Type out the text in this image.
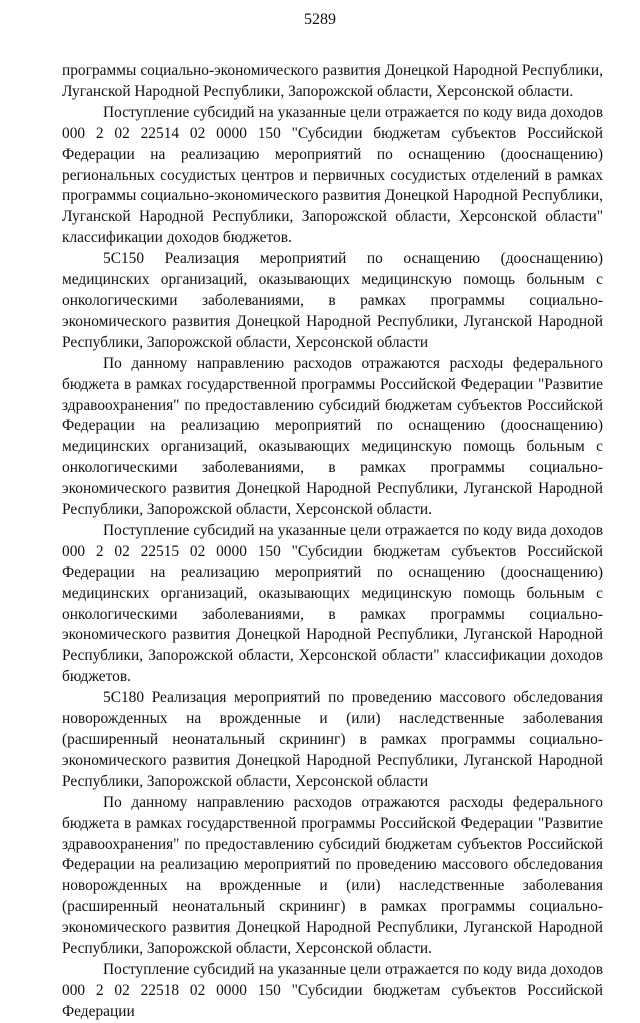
5289

программы социально-экономического развития Донецкой Народной Республики, Луганской Народной Республики, Запорожской области, Херсонской области.

Поступление субсидий на указанные цели отражается по коду вида доходов 000 2 02 22514 02 0000 150 "Субсидии бюджетам субъектов Российской Федерации на реализацию мероприятий по оснащению (дооснащению) региональных сосудистых центров и первичных сосудистых отделений в рамках программы социально-экономического развития Донецкой Народной Республики, Луганской Народной Республики, Запорожской области, Херсонской области" классификации доходов бюджетов.

5С150 Реализация мероприятий по оснащению (дооснащению) медицинских организаций, оказывающих медицинскую помощь больным с онкологическими заболеваниями, в рамках программы социально-экономического развития Донецкой Народной Республики, Луганской Народной Республики, Запорожской области, Херсонской области

По данному направлению расходов отражаются расходы федерального бюджета в рамках государственной программы Российской Федерации "Развитие здравоохранения" по предоставлению субсидий бюджетам субъектов Российской Федерации на реализацию мероприятий по оснащению (дооснащению) медицинских организаций, оказывающих медицинскую помощь больным с онкологическими заболеваниями, в рамках программы социально-экономического развития Донецкой Народной Республики, Луганской Народной Республики, Запорожской области, Херсонской области.

Поступление субсидий на указанные цели отражается по коду вида доходов 000 2 02 22515 02 0000 150 "Субсидии бюджетам субъектов Российской Федерации на реализацию мероприятий по оснащению (дооснащению) медицинских организаций, оказывающих медицинскую помощь больным с онкологическими заболеваниями, в рамках программы социально-экономического развития Донецкой Народной Республики, Луганской Народной Республики, Запорожской области, Херсонской области" классификации доходов бюджетов.

5С180 Реализация мероприятий по проведению массового обследования новорожденных на врожденные и (или) наследственные заболевания (расширенный неонатальный скрининг) в рамках программы социально-экономического развития Донецкой Народной Республики, Луганской Народной Республики, Запорожской области, Херсонской области

По данному направлению расходов отражаются расходы федерального бюджета в рамках государственной программы Российской Федерации "Развитие здравоохранения" по предоставлению субсидий бюджетам субъектов Российской Федерации на реализацию мероприятий по проведению массового обследования новорожденных на врожденные и (или) наследственные заболевания (расширенный неонатальный скрининг) в рамках программы социально-экономического развития Донецкой Народной Республики, Луганской Народной Республики, Запорожской области, Херсонской области.

Поступление субсидий на указанные цели отражается по коду вида доходов 000 2 02 22518 02 0000 150 "Субсидии бюджетам субъектов Российской Федерации
